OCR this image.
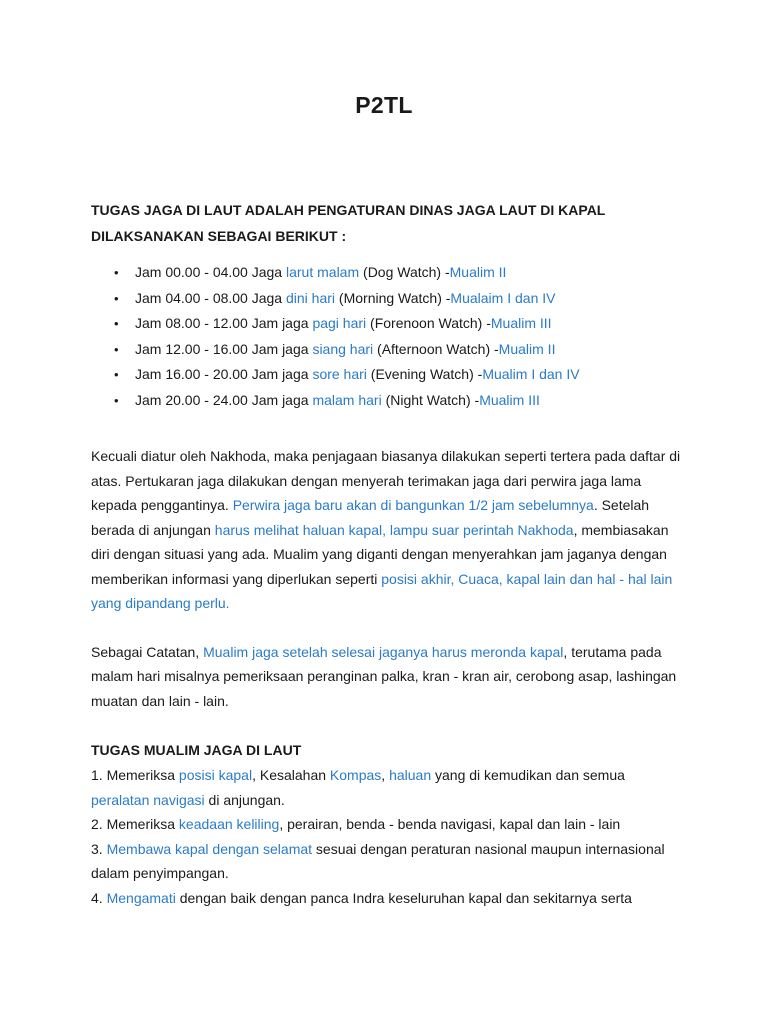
P2TL
TUGAS JAGA DI LAUT ADALAH PENGATURAN DINAS JAGA LAUT DI KAPAL
DILAKSANAKAN SEBAGAI BERIKUT :
• Jam 00.00 - 04.00 Jaga larut malam (Dog Watch) -Mualim II
• Jam 04.00 - 08.00 Jaga dini hari (Morning Watch) -Mualaim I dan IV
• Jam 08.00 - 12.00 Jam jaga pagi hari (Forenoon Watch) -Mualim III
• Jam 12.00 - 16.00 Jam jaga siang hari (Afternoon Watch) -Mualim II
• Jam 16.00 - 20.00 Jam jaga sore hari (Evening Watch) -Mualim I dan IV
• Jam 20.00 - 24.00 Jam jaga malam hari (Night Watch) -Mualim III
Kecuali diatur oleh Nakhoda, maka penjagaan biasanya dilakukan seperti tertera pada daftar di
atas. Pertukaran jaga dilakukan dengan menyerah terimakan jaga dari perwira jaga lama
kepada penggantinya. Perwira jaga baru akan di bangunkan 1/2 jam sebelumnya. Setelah
berada di anjungan harus melihat haluan kapal, lampu suar perintah Nakhoda, membiasakan
diri dengan situasi yang ada. Mualim yang diganti dengan menyerahkan jam jaganya dengan
memberikan informasi yang diperlukan seperti posisi akhir, Cuaca, kapal lain dan hal - hal lain
yang dipandang perlu.
Sebagai Catatan, Mualim jaga setelah selesai jaganya harus meronda kapal, terutama pada
malam hari misalnya pemeriksaan peranginan palka, kran - kran air, cerobong asap, lashingan
muatan dan lain - lain.
TUGAS MUALIM JAGA DI LAUT
1. Memeriksa posisi kapal, Kesalahan Kompas, haluan yang di kemudikan dan semua
peralatan navigasi di anjungan.
2. Memeriksa keadaan keliling, perairan, benda - benda navigasi, kapal dan lain - lain
3. Membawa kapal dengan selamat sesuai dengan peraturan nasional maupun internasional
dalam penyimpangan.
4. Mengamati dengan baik dengan panca Indra keseluruhan kapal dan sekitarnya serta
